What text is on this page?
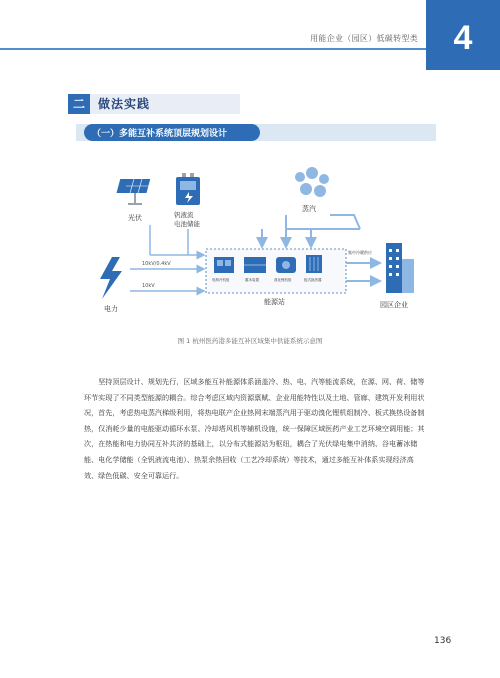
用能企业（园区）低碳转型类	4
二	做法实践
（一）多能互补系统顶层规划设计
光伏	钒液流
电池储能
蒸汽
电力
10kV/0.4kV
10kV
电制冷机组	蓄冰装置	溴化锂机组	板式换热器
能源站
集中冷暖供应
园区企业
图 1 杭州医药港多能互补区域集中供能系统示意图

坚持顶层设计、规划先行，区域多能互补能源体系涵盖冷、热、电、汽等能流系统，在源、网、荷、储等环节实现了不同类型能源的耦合。综合考虑区域内资源禀赋、企业用能特性以及土地、管廊、建筑开发利用状况，首先，考虑热电蒸汽梯级利用，将热电联产企业热网末端蒸汽用于驱动溴化锂机组制冷、板式换热设备制热，仅消耗少量的电能驱动循环水泵、冷却塔风机等辅机设施，统一保障区域医药产业工艺环境空调用能；其次，在热能和电力协同互补共济的基础上，以分布式能源站为枢纽，耦合了光伏绿电集中消纳、谷电蓄冰储能、电化学储能（全钒液流电池）、热泵余热回收（工艺冷却系统）等技术，通过多能互补体系实现经济高效、绿色低碳、安全可靠运行。

136
